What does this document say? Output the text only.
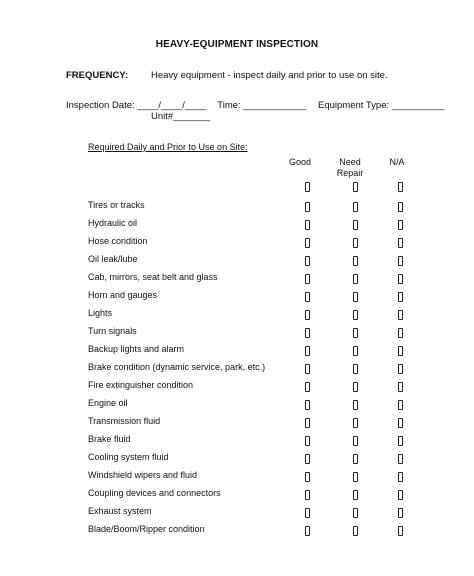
HEAVY-EQUIPMENT INSPECTION
FREQUENCY: Heavy equipment - inspect daily and prior to use on site.
Inspection Date: ____/____/____ Time: ____________ Equipment Type: __________
Unit#_______
Required Daily and Prior to Use on Site:
Good	Need Repair
N/A
Tires or tracks
Hydraulic oil
Hose condition
Oil leak/lube
Cab, mirrors, seat belt and glass
Horn and gauges
Lights
Turn signals
Backup lights and alarm
Brake condition (dynamic service, park, etc.)
Fire extinguisher condition
Engine oil
Transmission fluid
Brake fluid
Cooling system fluid
Windshield wipers and fluid
Coupling devices and connectors
Exhaust system
Blade/Boom/Ripper condition
